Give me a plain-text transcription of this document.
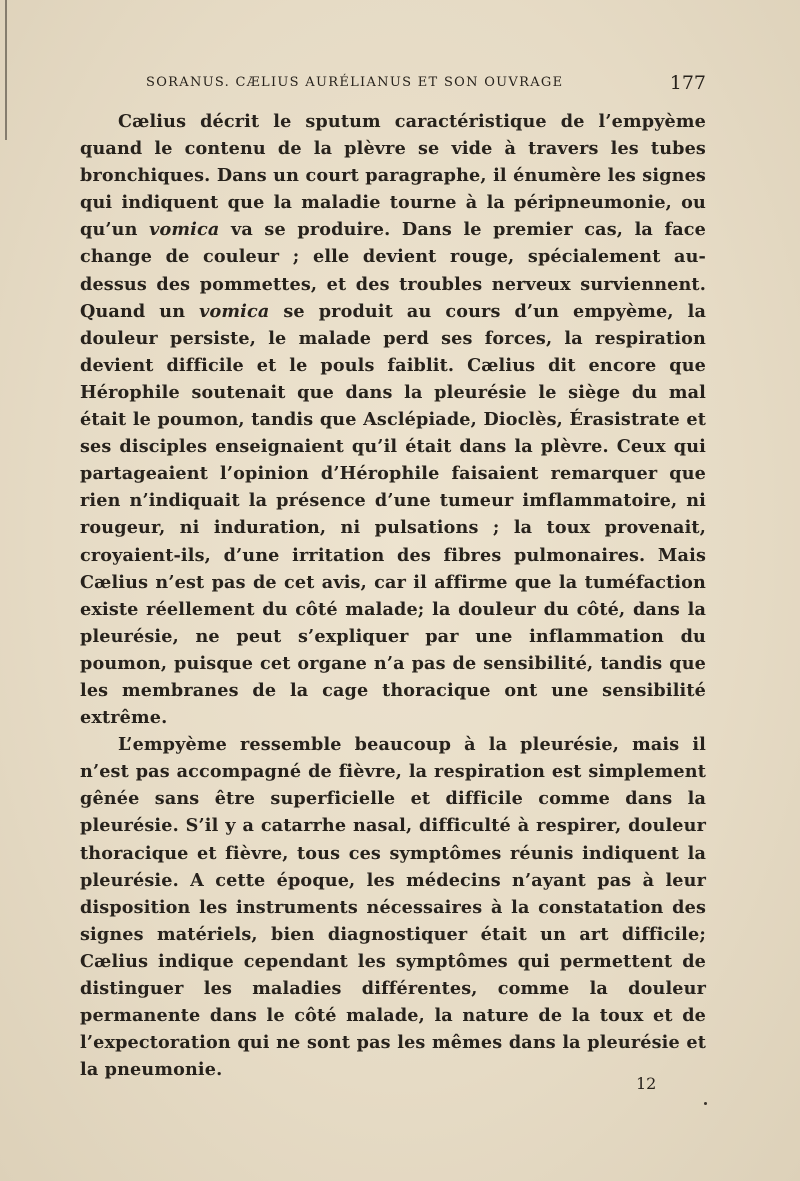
SORANUS. CÆLIUS AURÉLIANUS ET SON OUVRAGE	177

Cælius décrit le sputum caractéristique de l’empyème quand le contenu de la plèvre se vide à travers les tubes bronchiques. Dans un court paragraphe, il énumère les signes qui indiquent que la maladie tourne à la péripneumonie, ou qu’un vomica va se produire. Dans le premier cas, la face change de couleur ; elle devient rouge, spécialement au-dessus des pommettes, et des troubles nerveux surviennent. Quand un vomica se produit au cours d’un empyème, la douleur persiste, le malade perd ses forces, la respiration devient difficile et le pouls faiblit. Cælius dit encore que Hérophile soutenait que dans la pleurésie le siège du mal était le poumon, tandis que Asclépiade, Dioclès, Érasistrate et ses disciples enseignaient qu’il était dans la plèvre. Ceux qui partageaient l’opinion d’Hérophile faisaient remarquer que rien n’indiquait la présence d’une tumeur imflammatoire, ni rougeur, ni induration, ni pulsations ; la toux provenait, croyaient-ils, d’une irritation des fibres pulmonaires. Mais Cælius n’est pas de cet avis, car il affirme que la tuméfaction existe réellement du côté malade; la douleur du côté, dans la pleurésie, ne peut s’expliquer par une inflammation du poumon, puisque cet organe n’a pas de sensibilité, tandis que les membranes de la cage thoracique ont une sensibilité extrême.

L’empyème ressemble beaucoup à la pleurésie, mais il n’est pas accompagné de fièvre, la respiration est simplement gênée sans être superficielle et difficile comme dans la pleurésie. S’il y a catarrhe nasal, difficulté à respirer, douleur thoracique et fièvre, tous ces symptômes réunis indiquent la pleurésie. A cette époque, les médecins n’ayant pas à leur disposition les instruments nécessaires à la constatation des signes matériels, bien diagnostiquer était un art difficile; Cælius indique cependant les symptômes qui permettent de distinguer les maladies différentes, comme la douleur permanente dans le côté malade, la nature de la toux et de l’expectoration qui ne sont pas les mêmes dans la pleurésie et la pneumonie.

12
